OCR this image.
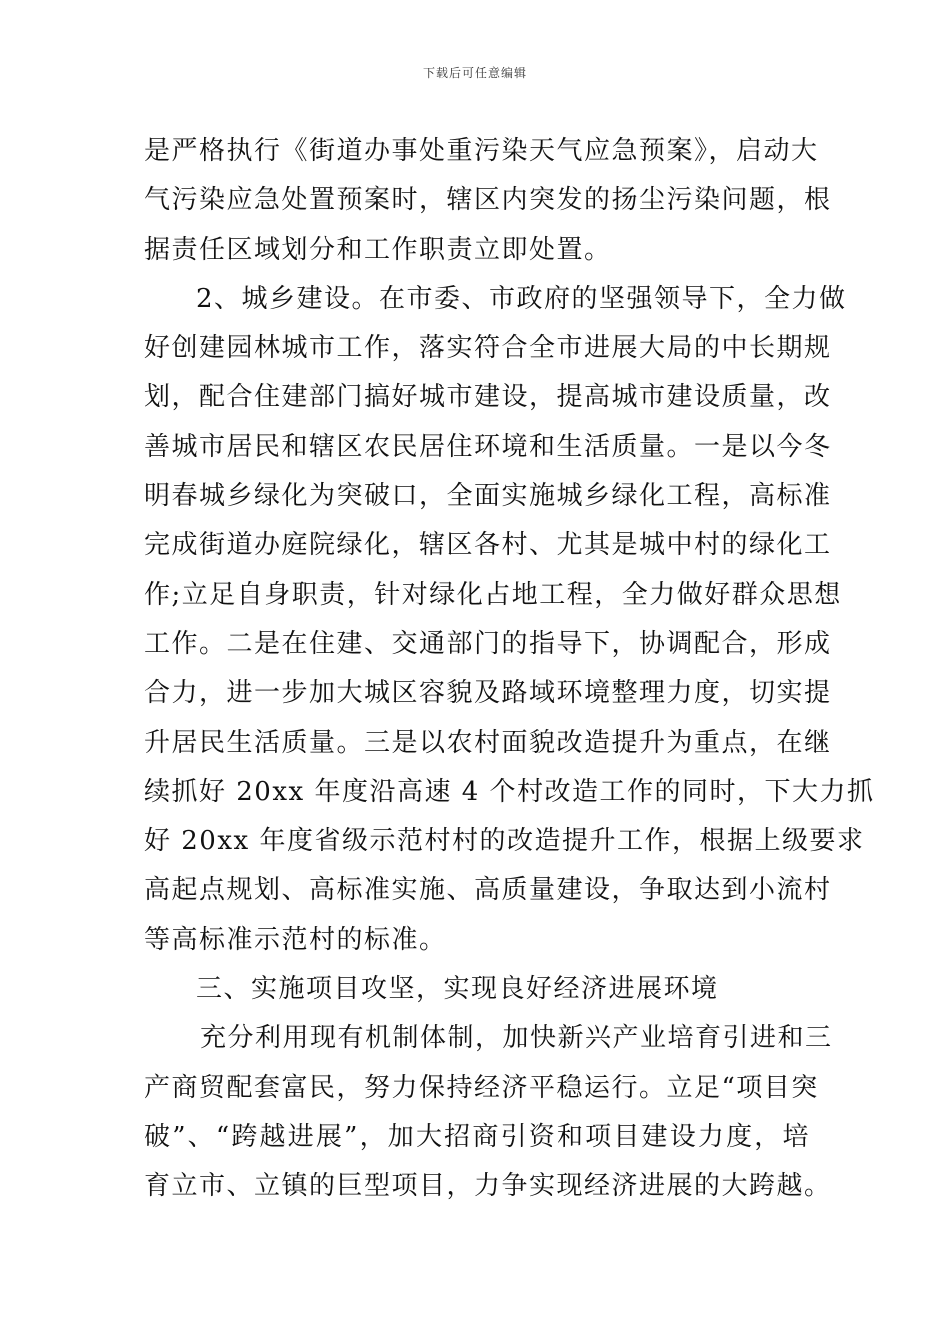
下载后可任意编辑
是严格执行《街道办事处重污染天气应急预案》，启动大
气污染应急处置预案时，辖区内突发的扬尘污染问题，根
据责任区域划分和工作职责立即处置。
2、城乡建设。在市委、市政府的坚强领导下，全力做
好创建园林城市工作，落实符合全市进展大局的中长期规
划，配合住建部门搞好城市建设，提高城市建设质量，改
善城市居民和辖区农民居住环境和生活质量。一是以今冬
明春城乡绿化为突破口，全面实施城乡绿化工程，高标准
完成街道办庭院绿化，辖区各村、尤其是城中村的绿化工
作;立足自身职责，针对绿化占地工程，全力做好群众思想
工作。二是在住建、交通部门的指导下，协调配合，形成
合力，进一步加大城区容貌及路域环境整理力度，切实提
升居民生活质量。三是以农村面貌改造提升为重点，在继
续抓好 20xx 年度沿高速 4 个村改造工作的同时，下大力抓
好 20xx 年度省级示范村村的改造提升工作，根据上级要求
高起点规划、高标准实施、高质量建设，争取达到小流村
等高标准示范村的标准。
三、实施项目攻坚，实现良好经济进展环境
充分利用现有机制体制，加快新兴产业培育引进和三
产商贸配套富民，努力保持经济平稳运行。立足“项目突
破”、“跨越进展”，加大招商引资和项目建设力度，培
育立市、立镇的巨型项目，力争实现经济进展的大跨越。
